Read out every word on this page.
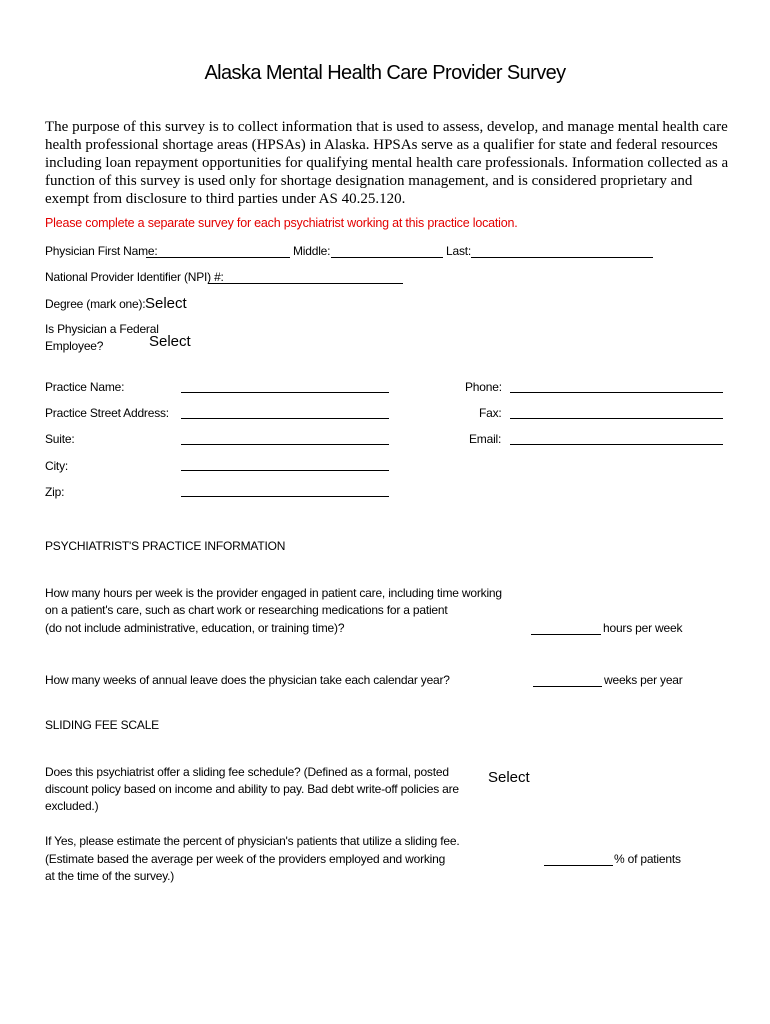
Alaska Mental Health Care Provider Survey
The purpose of this survey is to collect information that is used to assess, develop, and manage mental health care health professional shortage areas (HPSAs) in Alaska. HPSAs serve as a qualifier for state and federal resources including loan repayment opportunities for qualifying mental health care professionals. Information collected as a function of this survey is used only for shortage designation management, and is considered proprietary and exempt from disclosure to third parties under AS 40.25.120.
Please complete a separate survey for each psychiatrist working at this practice location.
Physician First Name:	Middle:	Last:
National Provider Identifier (NPI) #:
Degree (mark one): Select
Is Physician a Federal
Employee?	Select
Practice Name:
Practice Street Address:
Suite:
City:
Zip:
Phone:
Fax:
Email:
PSYCHIATRIST'S PRACTICE INFORMATION
How many hours per week is the provider engaged in patient care, including time working
on a patient's care, such as chart work or researching medications for a patient
(do not include administrative, education, or training time)?	hours per week
How many weeks of annual leave does the physician take each calendar year?	weeks per year
SLIDING FEE SCALE
Does this psychiatrist offer a sliding fee schedule? (Defined as a formal, posted
discount policy based on income and ability to pay. Bad debt write-off policies are
excluded.)
Select
If Yes, please estimate the percent of physician's patients that utilize a sliding fee.
(Estimate based the average per week of the providers employed and working
at the time of the survey.)
% of patients
